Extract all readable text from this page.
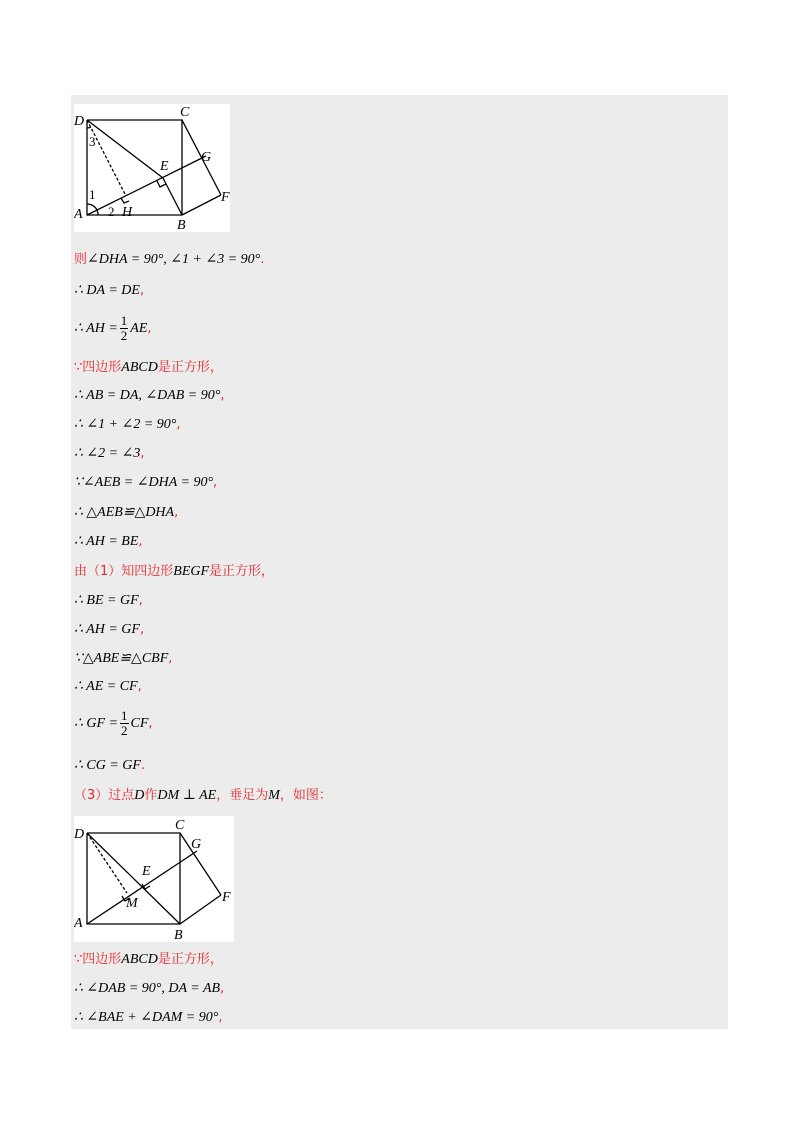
D
C
G
E
F
A
B
H
1
2
3
则∠DHA = 90°, ∠1 + ∠3 = 90°.
∴ DA = DE,
∴ AH = $\frac{1}{2}$ AE,
∵四边形ABCD是正方形，
∴ AB = DA, ∠DAB = 90°,
∴ ∠1 + ∠2 = 90°,
∴ ∠2 = ∠3,
∵∠AEB = ∠DHA = 90°,
∴ △AEB≌△DHA,
∴ AH = BE,
由（1）知四边形BEGF是正方形，
∴ BE = GF,
∴ AH = GF,
∵△ABE≌△CBF,
∴ AE = CF,
∴ GF = $\frac{1}{2}$ CF,
∴ CG = GF.
（3）过点D作DM ⊥ AE，垂足为M，如图：
D
C
G
E
F
A
B
M
∵四边形ABCD是正方形，
∴ ∠DAB = 90°, DA = AB,
∴ ∠BAE + ∠DAM = 90°,
